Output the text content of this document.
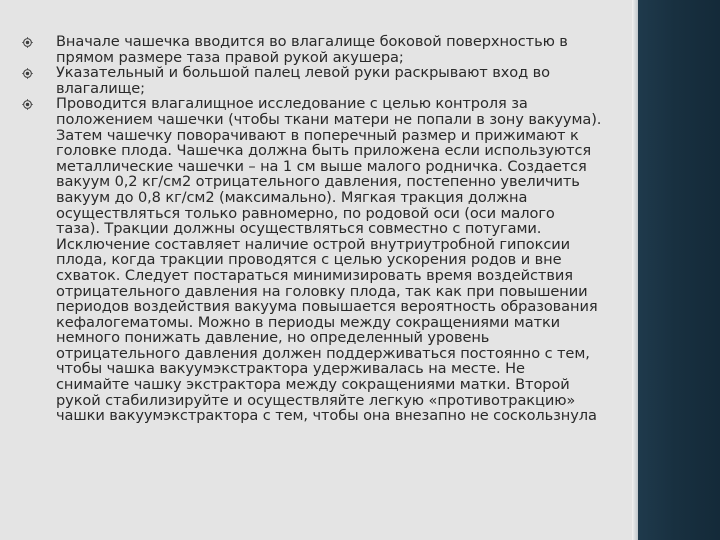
Вначале чашечка вводится во влагалище боковой поверхностью в прямом размере таза правой рукой акушера;
Указательный и большой палец левой руки раскрывают вход во влагалище;
Проводится влагалищное исследование с целью контроля за положением чашечки (чтобы ткани матери не попали в зону вакуума). Затем чашечку поворачивают в поперечный размер и прижимают к головке плода. Чашечка должна быть приложена если используются металлические чашечки – на 1 см выше малого родничка. Создается вакуум 0,2 кг/см2 отрицательного давления, постепенно увеличить вакуум до 0,8 кг/см2 (максимально). Мягкая тракция должна осуществляться только равномерно, по родовой оси (оси малого таза). Тракции должны осуществляться совместно с потугами. Исключение составляет наличие острой внутриутробной гипоксии плода, когда тракции проводятся с целью ускорения родов и вне схваток. Следует постараться минимизировать время воздействия отрицательного давления на головку плода, так как при повышении периодов воздействия вакуума повышается вероятность образования кефалогематомы. Можно в периоды между сокращениями матки немного понижать давление, но определенный уровень отрицательного давления должен поддерживаться постоянно с тем, чтобы чашка вакуумэкстрактора удерживалась на месте. Не снимайте чашку экстрактора между сокращениями матки. Второй рукой стабилизируйте и осуществляйте легкую «противотракцию» чашки вакуумэкстрактора с тем, чтобы она внезапно не соскользнула
